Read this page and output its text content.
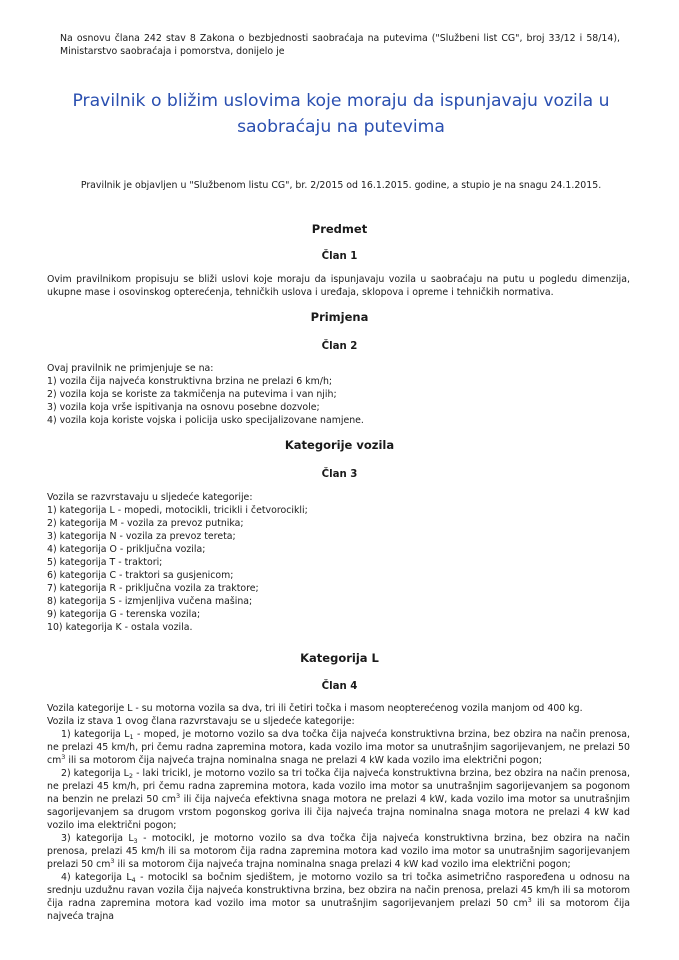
Na osnovu člana 242 stav 8 Zakona o bezbjednosti saobraćaja na putevima ("Službeni list CG", broj 33/12 i 58/14), Ministarstvo saobraćaja i pomorstva, donijelo je
Pravilnik o bližim uslovima koje moraju da ispunjavaju vozila u saobraćaju na putevima
Pravilnik je objavljen u "Službenom listu CG", br. 2/2015 od 16.1.2015. godine, a stupio je na snagu 24.1.2015.
Predmet
Član 1
Ovim pravilnikom propisuju se bliži uslovi koje moraju da ispunjavaju vozila u saobraćaju na putu u pogledu dimenzija, ukupne mase i osovinskog opterećenja, tehničkih uslova i uređaja, sklopova i opreme i tehničkih normativa.
Primjena
Član 2

Ovaj pravilnik ne primjenjuje se na:

1) vozila čija najveća konstruktivna brzina ne prelazi 6 km/h;
2) vozila koja se koriste za takmičenja na putevima i van njih;
3) vozila koja vrše ispitivanja na osnovu posebne dozvole;
4) vozila koja koriste vojska i policija usko specijalizovane namjene.
Kategorije vozila
Član 3

Vozila se razvrstavaju u sljedeće kategorije:

1) kategorija L - mopedi, motocikli, tricikli i četvorocikli;
2) kategorija M - vozila za prevoz putnika;
3) kategorija N - vozila za prevoz tereta;
4) kategorija O - priključna vozila;
5) kategorija T - traktori;
6) kategorija C - traktori sa gusjenicom;
7) kategorija R - priključna vozila za traktore;
8) kategorija S - izmjenljiva vučena mašina;
9) kategorija G - terenska vozila;
10) kategorija K - ostala vozila.
Kategorija L
Član 4

Vozila kategorije L - su motorna vozila sa dva, tri ili četiri točka i masom neopterećenog vozila manjom od 400 kg.

Vozila iz stava 1 ovog člana razvrstavaju se u sljedeće kategorije:

1) kategorija $L_1$ - moped, je motorno vozilo sa dva točka čija najveća konstruktivna brzina, bez obzira na način prenosa, ne prelazi 45 km/h, pri čemu radna zapremina motora, kada vozilo ima motor sa unutrašnjim sagorijevanjem, ne prelazi 50 $cm^3$ ili sa motorom čija najveća trajna nominalna snaga ne prelazi 4 kW kada vozilo ima električni pogon;

2) kategorija $L_2$ - laki tricikl, je motorno vozilo sa tri točka čija najveća konstruktivna brzina, bez obzira na način prenosa, ne prelazi 45 km/h, pri čemu radna zapremina motora, kada vozilo ima motor sa unutrašnjim sagorijevanjem sa pogonom na benzin ne prelazi 50 $cm^3$ ili čija najveća efektivna snaga motora ne prelazi 4 kW, kada vozilo ima motor sa unutrašnjim sagorijevanjem sa drugom vrstom pogonskog goriva ili čija najveća trajna nominalna snaga motora ne prelazi 4 kW kad vozilo ima električni pogon;

3) kategorija $L_3$ - motocikl, je motorno vozilo sa dva točka čija najveća konstruktivna brzina, bez obzira na način prenosa, prelazi 45 km/h ili sa motorom čija radna zapremina motora kad vozilo ima motor sa unutrašnjim sagorijevanjem prelazi 50 $cm^3$ ili sa motorom čija najveća trajna nominalna snaga prelazi 4 kW kad vozilo ima električni pogon;

4) kategorija $L_4$ - motocikl sa bočnim sjedištem, je motorno vozilo sa tri točka asimetrično raspoređena u odnosu na srednju uzdužnu ravan vozila čija najveća konstruktivna brzina, bez obzira na način prenosa, prelazi 45 km/h ili sa motorom čija radna zapremina motora kad vozilo ima motor sa unutrašnjim sagorijevanjem prelazi 50 $cm^3$ ili sa motorom čija najveća trajna
